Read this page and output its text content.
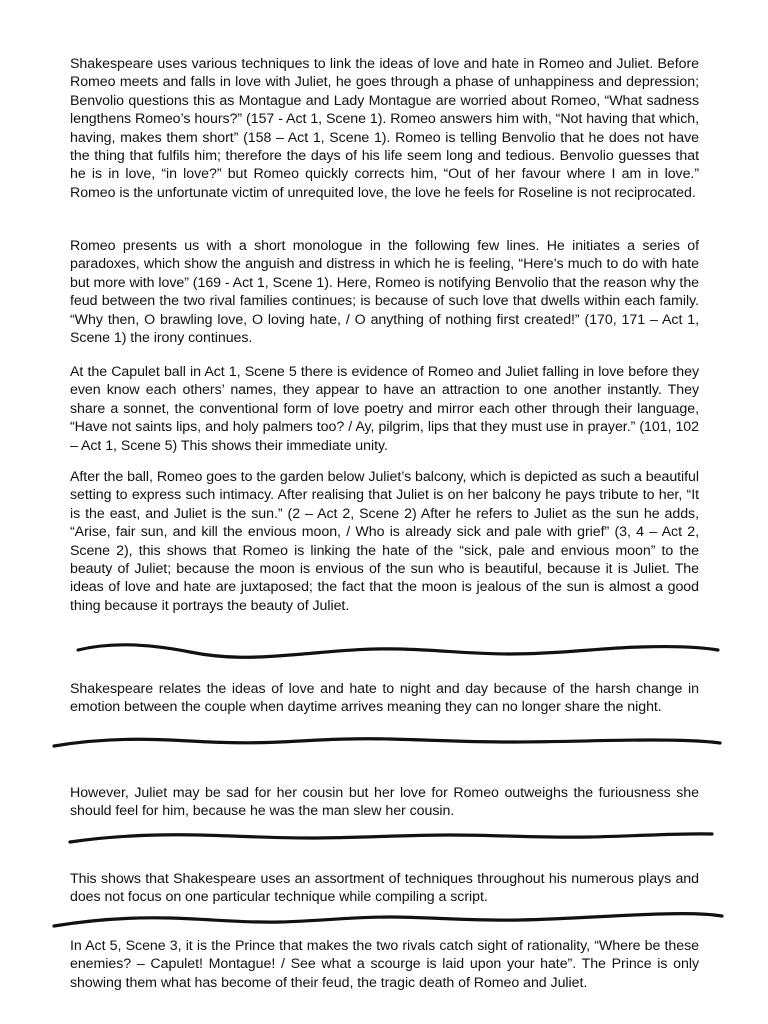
Shakespeare uses various techniques to link the ideas of love and hate in Romeo and Juliet. Before Romeo meets and falls in love with Juliet, he goes through a phase of unhappiness and depression; Benvolio questions this as Montague and Lady Montague are worried about Romeo, “What sadness lengthens Romeo’s hours?” (157 - Act 1, Scene 1). Romeo answers him with, “Not having that which, having, makes them short” (158 – Act 1, Scene 1). Romeo is telling Benvolio that he does not have the thing that fulfils him; therefore the days of his life seem long and tedious. Benvolio guesses that he is in love, “in love?” but Romeo quickly corrects him, “Out of her favour where I am in love.” Romeo is the unfortunate victim of unrequited love, the love he feels for Roseline is not reciprocated.

Romeo presents us with a short monologue in the following few lines. He initiates a series of paradoxes, which show the anguish and distress in which he is feeling, “Here’s much to do with hate but more with love” (169 - Act 1, Scene 1). Here, Romeo is notifying Benvolio that the reason why the feud between the two rival families continues; is because of such love that dwells within each family. “Why then, O brawling love, O loving hate, / O anything of nothing first created!” (170, 171 – Act 1, Scene 1) the irony continues.

At the Capulet ball in Act 1, Scene 5 there is evidence of Romeo and Juliet falling in love before they even know each others’ names, they appear to have an attraction to one another instantly. They share a sonnet, the conventional form of love poetry and mirror each other through their language, “Have not saints lips, and holy palmers too? / Ay, pilgrim, lips that they must use in prayer.” (101, 102 – Act 1, Scene 5) This shows their immediate unity.

After the ball, Romeo goes to the garden below Juliet’s balcony, which is depicted as such a beautiful setting to express such intimacy. After realising that Juliet is on her balcony he pays tribute to her, “It is the east, and Juliet is the sun.” (2 – Act 2, Scene 2) After he refers to Juliet as the sun he adds, “Arise, fair sun, and kill the envious moon, / Who is already sick and pale with grief” (3, 4 – Act 2, Scene 2), this shows that Romeo is linking the hate of the “sick, pale and envious moon” to the beauty of Juliet; because the moon is envious of the sun who is beautiful, because it is Juliet. The ideas of love and hate are juxtaposed; the fact that the moon is jealous of the sun is almost a good thing because it portrays the beauty of Juliet.

Shakespeare relates the ideas of love and hate to night and day because of the harsh change in emotion between the couple when daytime arrives meaning they can no longer share the night.

However, Juliet may be sad for her cousin but her love for Romeo outweighs the furiousness she should feel for him, because he was the man slew her cousin.

This shows that Shakespeare uses an assortment of techniques throughout his numerous plays and does not focus on one particular technique while compiling a script.

In Act 5, Scene 3, it is the Prince that makes the two rivals catch sight of rationality, “Where be these enemies? – Capulet! Montague! / See what a scourge is laid upon your hate”. The Prince is only showing them what has become of their feud, the tragic death of Romeo and Juliet.
